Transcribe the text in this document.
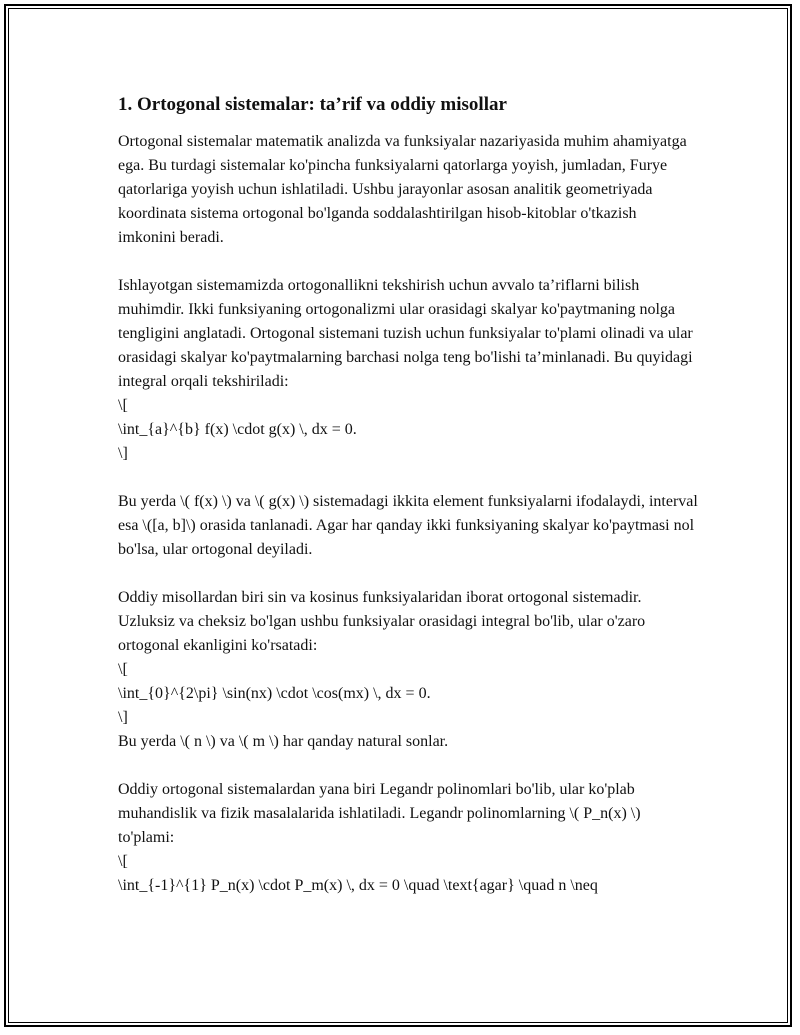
1. Ortogonal sistemalar: ta’rif va oddiy misollar

Ortogonal sistemalar matematik analizda va funksiyalar nazariyasida muhim ahamiyatga ega. Bu turdagi sistemalar ko'pincha funksiyalarni qatorlarga yoyish, jumladan, Furye qatorlariga yoyish uchun ishlatiladi. Ushbu jarayonlar asosan analitik geometriyada koordinata sistema ortogonal bo'lganda soddalashtirilgan hisob-kitoblar o'tkazish imkonini beradi.

Ishlayotgan sistemamizda ortogonallikni tekshirish uchun avvalo ta’riflarni bilish muhimdir. Ikki funksiyaning ortogonalizmi ular orasidagi skalyar ko'paytmaning nolga tengligini anglatadi. Ortogonal sistemani tuzish uchun funksiyalar to'plami olinadi va ular orasidagi skalyar ko'paytmalarning barchasi nolga teng bo'lishi ta’minlanadi. Bu quyidagi integral orqali tekshiriladi:
\[
\int_{a}^{b} f(x) \cdot g(x) \, dx = 0.
\]

Bu yerda \( f(x) \) va \( g(x) \) sistemadagi ikkita element funksiyalarni ifodalaydi, interval esa \([a, b]\) orasida tanlanadi. Agar har qanday ikki funksiyaning skalyar ko'paytmasi nol bo'lsa, ular ortogonal deyiladi.

Oddiy misollardan biri sin va kosinus funksiyalaridan iborat ortogonal sistemadir. Uzluksiz va cheksiz bo'lgan ushbu funksiyalar orasidagi integral bo'lib, ular o'zaro ortogonal ekanligini ko'rsatadi:
\[
\int_{0}^{2\pi} \sin(nx) \cdot \cos(mx) \, dx = 0.
\]
Bu yerda \( n \) va \( m \) har qanday natural sonlar.

Oddiy ortogonal sistemalardan yana biri Legandr polinomlari bo'lib, ular ko'plab muhandislik va fizik masalalarida ishlatiladi. Legandr polinomlarning \( P_n(x) \) to'plami:
\[
\int_{-1}^{1} P_n(x) \cdot P_m(x) \, dx = 0 \quad \text{agar} \quad n \neq
